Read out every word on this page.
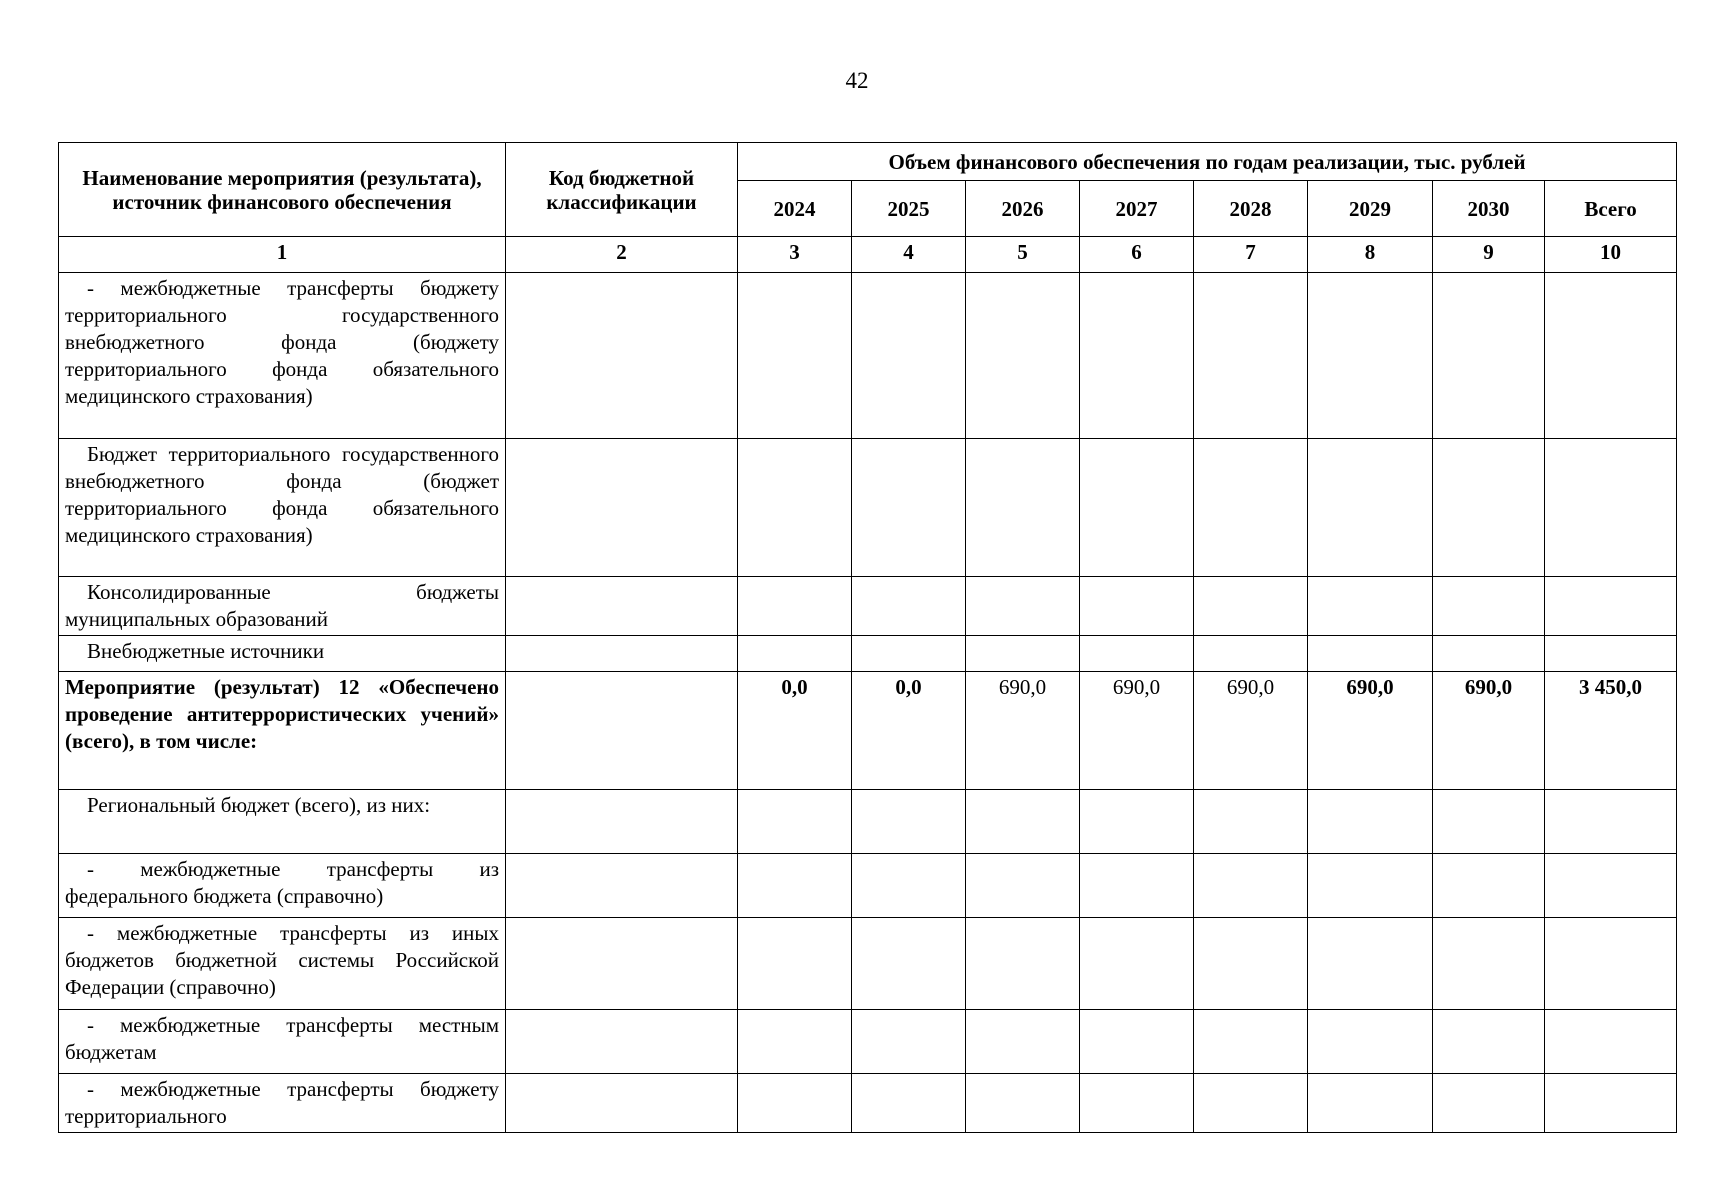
42
Наименование мероприятия (результата), источник финансового обеспечения	Код бюджетной классификации	Объем финансового обеспечения по годам реализации, тыс. рублей							
		2024	2025	2026	2027	2028	2029	2030	Всего
1	2	3	4	5	6	7	8	9	10
- межбюджетные трансферты бюджету территориального государственного внебюджетного фонда (бюджету территориального фонда обязательного медицинского страхования)									
Бюджет территориального государственного внебюджетного фонда (бюджет территориального фонда обязательного медицинского страхования)									
Консолидированные бюджеты муниципальных образований									
Внебюджетные источники									
Мероприятие (результат) 12 «Обеспечено проведение антитеррористических учений» (всего), в том числе:		0,0	0,0	690,0	690,0	690,0	690,0	690,0	3 450,0
Региональный бюджет (всего), из них:									
- межбюджетные трансферты из федерального бюджета (справочно)									
- межбюджетные трансферты из иных бюджетов бюджетной системы Российской Федерации (справочно)									
- межбюджетные трансферты местным бюджетам									
- межбюджетные трансферты бюджету территориального									
